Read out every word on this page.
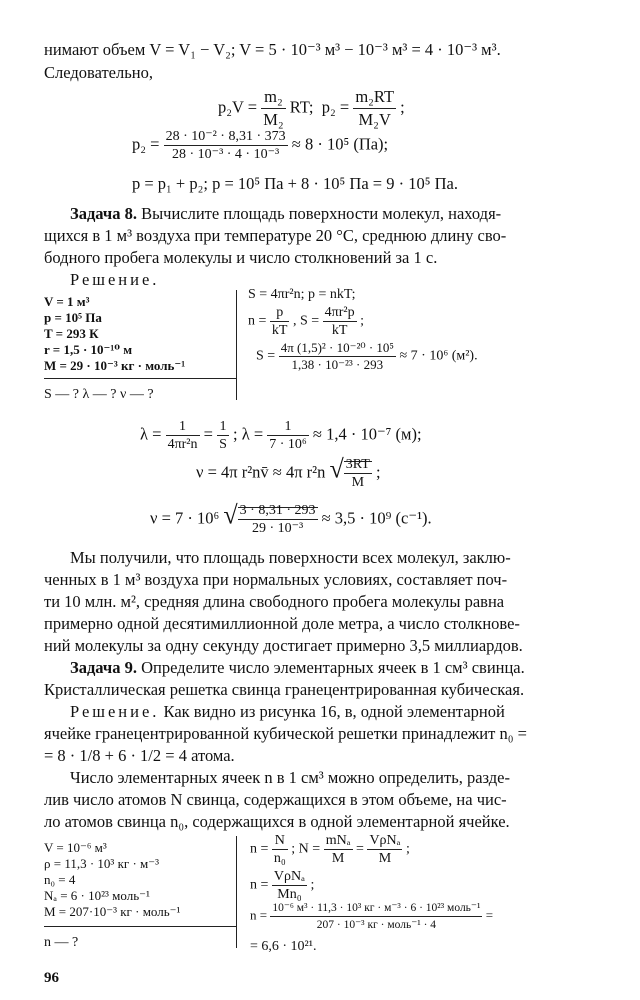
нимают объем V = V₁ − V₂; V = 5 · 10⁻³ м³ − 10⁻³ м³ = 4 · 10⁻³ м³.
Следовательно,
$p_2V = \frac{\text{m₂}}{\text{M₂}}$ RT; $p_2 = \frac{\text{m₂RT}}{\text{M₂V}}$ ;
$p_2 = \frac{\text{28 · 10⁻² · 8,31 · 373}}{\text{28 · 10⁻³ · 4 · 10⁻³}} \approx 8 \cdot 10^5$ (Па);
p = p₁ + p₂; p = 10⁵ Па + 8 · 10⁵ Па = 9 · 10⁵ Па.
Задача 8. Вычислите площадь поверхности молекул, находя-
щихся в 1 м³ воздуха при температуре 20 °С, среднюю длину сво-
бодного пробега молекулы и число столкновений за 1 с.
Решение.
V = 1 м³
p = 10⁵ Па
T = 293 К
r = 1,5 · 10⁻¹⁰ м
M = 29 · 10⁻³ кг · моль⁻¹
S — ? λ — ? ν — ?
S = 4πr²n; p = nkT;
$n = \frac{p}{kT}$ , $S = \frac{\text{4πr²p}}{kT}$ ;
$S = \frac{\text{4π (1,5)² · 10⁻²⁰ · 10⁵}}{\text{1,38 · 10⁻²³ · 293}} \approx 7 \cdot 10^6$ (м²).
$\lambda = \frac{1}{\text{4πr²n}} = \frac{1}{S}$ ; $\lambda = \frac{1}{\text{7 · 10⁶}} \approx 1,4 \cdot 10^{-7}$ (м);
ν = 4π r²nv̄ ≈ 4π r²n √ $\frac{3RT}{M}$ ;
ν = 7 · 10⁶ √ $\frac{3 \cdot 8,31 \cdot 293}{\text{29 · 10⁻³}} \approx 3,5 \cdot 10^9$ (с⁻¹).
Мы получили, что площадь поверхности всех молекул, заклю-
ченных в 1 м³ воздуха при нормальных условиях, составляет поч-
ти 10 млн. м², средняя длина свободного пробега молекулы равна
примерно одной десятимиллионной доле метра, а число столкнове-
ний молекулы за одну секунду достигает примерно 3,5 миллиардов.
Задача 9. Определите число элементарных ячеек в 1 см³ свинца.
Кристаллическая решетка свинца гранецентрированная кубическая.
Решение. Как видно из рисунка 16, в, одной элементарной
ячейке гранецентрированной кубической решетки принадлежит n₀ =
= 8 · 1/8 + 6 · 1/2 = 4 атома.
Число элементарных ячеек n в 1 см³ можно определить, разде-
лив число атомов N свинца, содержащихся в этом объеме, на чис-
ло атомов свинца n₀, содержащихся в одной элементарной ячейке.
V = 10⁻⁶ м³
ρ = 11,3 · 10³ кг · м⁻³
n₀ = 4
Nₐ = 6 · 10²³ моль⁻¹
M = 207·10⁻³ кг · моль⁻¹
n — ?
$n = \frac{N}{\text{n₀}}$ ; $N = \frac{\text{mNₐ}}{M} = \frac{\text{VρNₐ}}{M}$ ;
$n = \frac{\text{VρNₐ}}{\text{Mn₀}}$ ;
$n = \frac{\text{10⁻⁶ м³ · 11,3 · 10³ кг · м⁻³ · 6 · 10²³ моль⁻¹}}{\text{207 · 10⁻³ кг · моль⁻¹ · 4}}$ =
= 6,6 · 10²¹.
96
